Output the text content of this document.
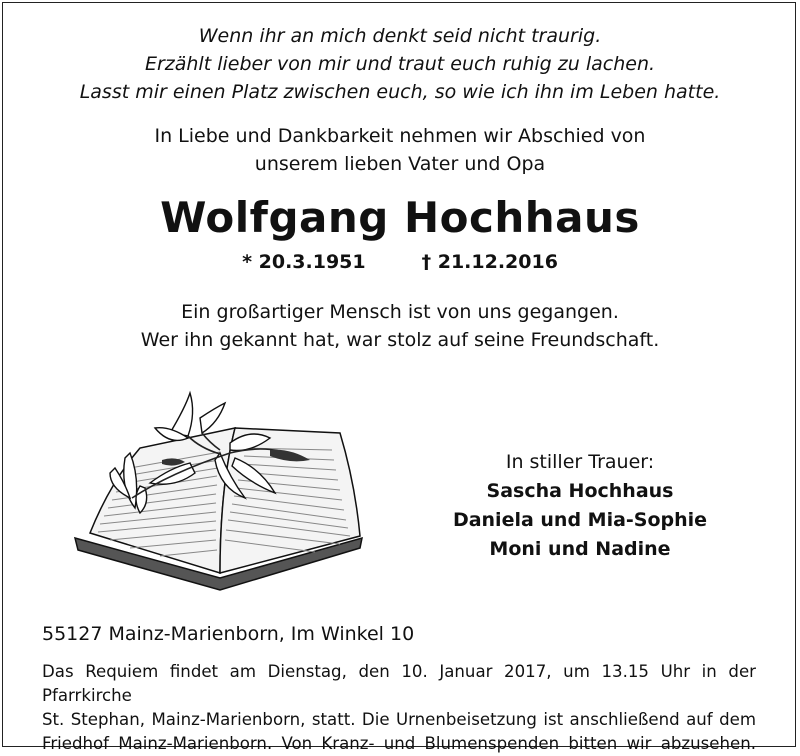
Wenn ihr an mich denkt seid nicht traurig.
Erzählt lieber von mir und traut euch ruhig zu lachen.
Lasst mir einen Platz zwischen euch, so wie ich ihn im Leben hatte.
In Liebe und Dankbarkeit nehmen wir Abschied von
unserem lieben Vater und Opa
Wolfgang Hochhaus
* 20.3.1951	† 21.12.2016
Ein großartiger Mensch ist von uns gegangen.
Wer ihn gekannt hat, war stolz auf seine Freundschaft.
In stiller Trauer:
Sascha Hochhaus
Daniela und Mia-Sophie
Moni und Nadine
55127 Mainz-Marienborn, Im Winkel 10

Das Requiem findet am Dienstag, den 10. Januar 2017, um 13.15 Uhr in der Pfarrkirche

St. Stephan, Mainz-Marienborn, statt. Die Urnenbeisetzung ist anschließend auf dem

Friedhof Mainz-Marienborn. Von Kranz- und Blumenspenden bitten wir abzusehen.
